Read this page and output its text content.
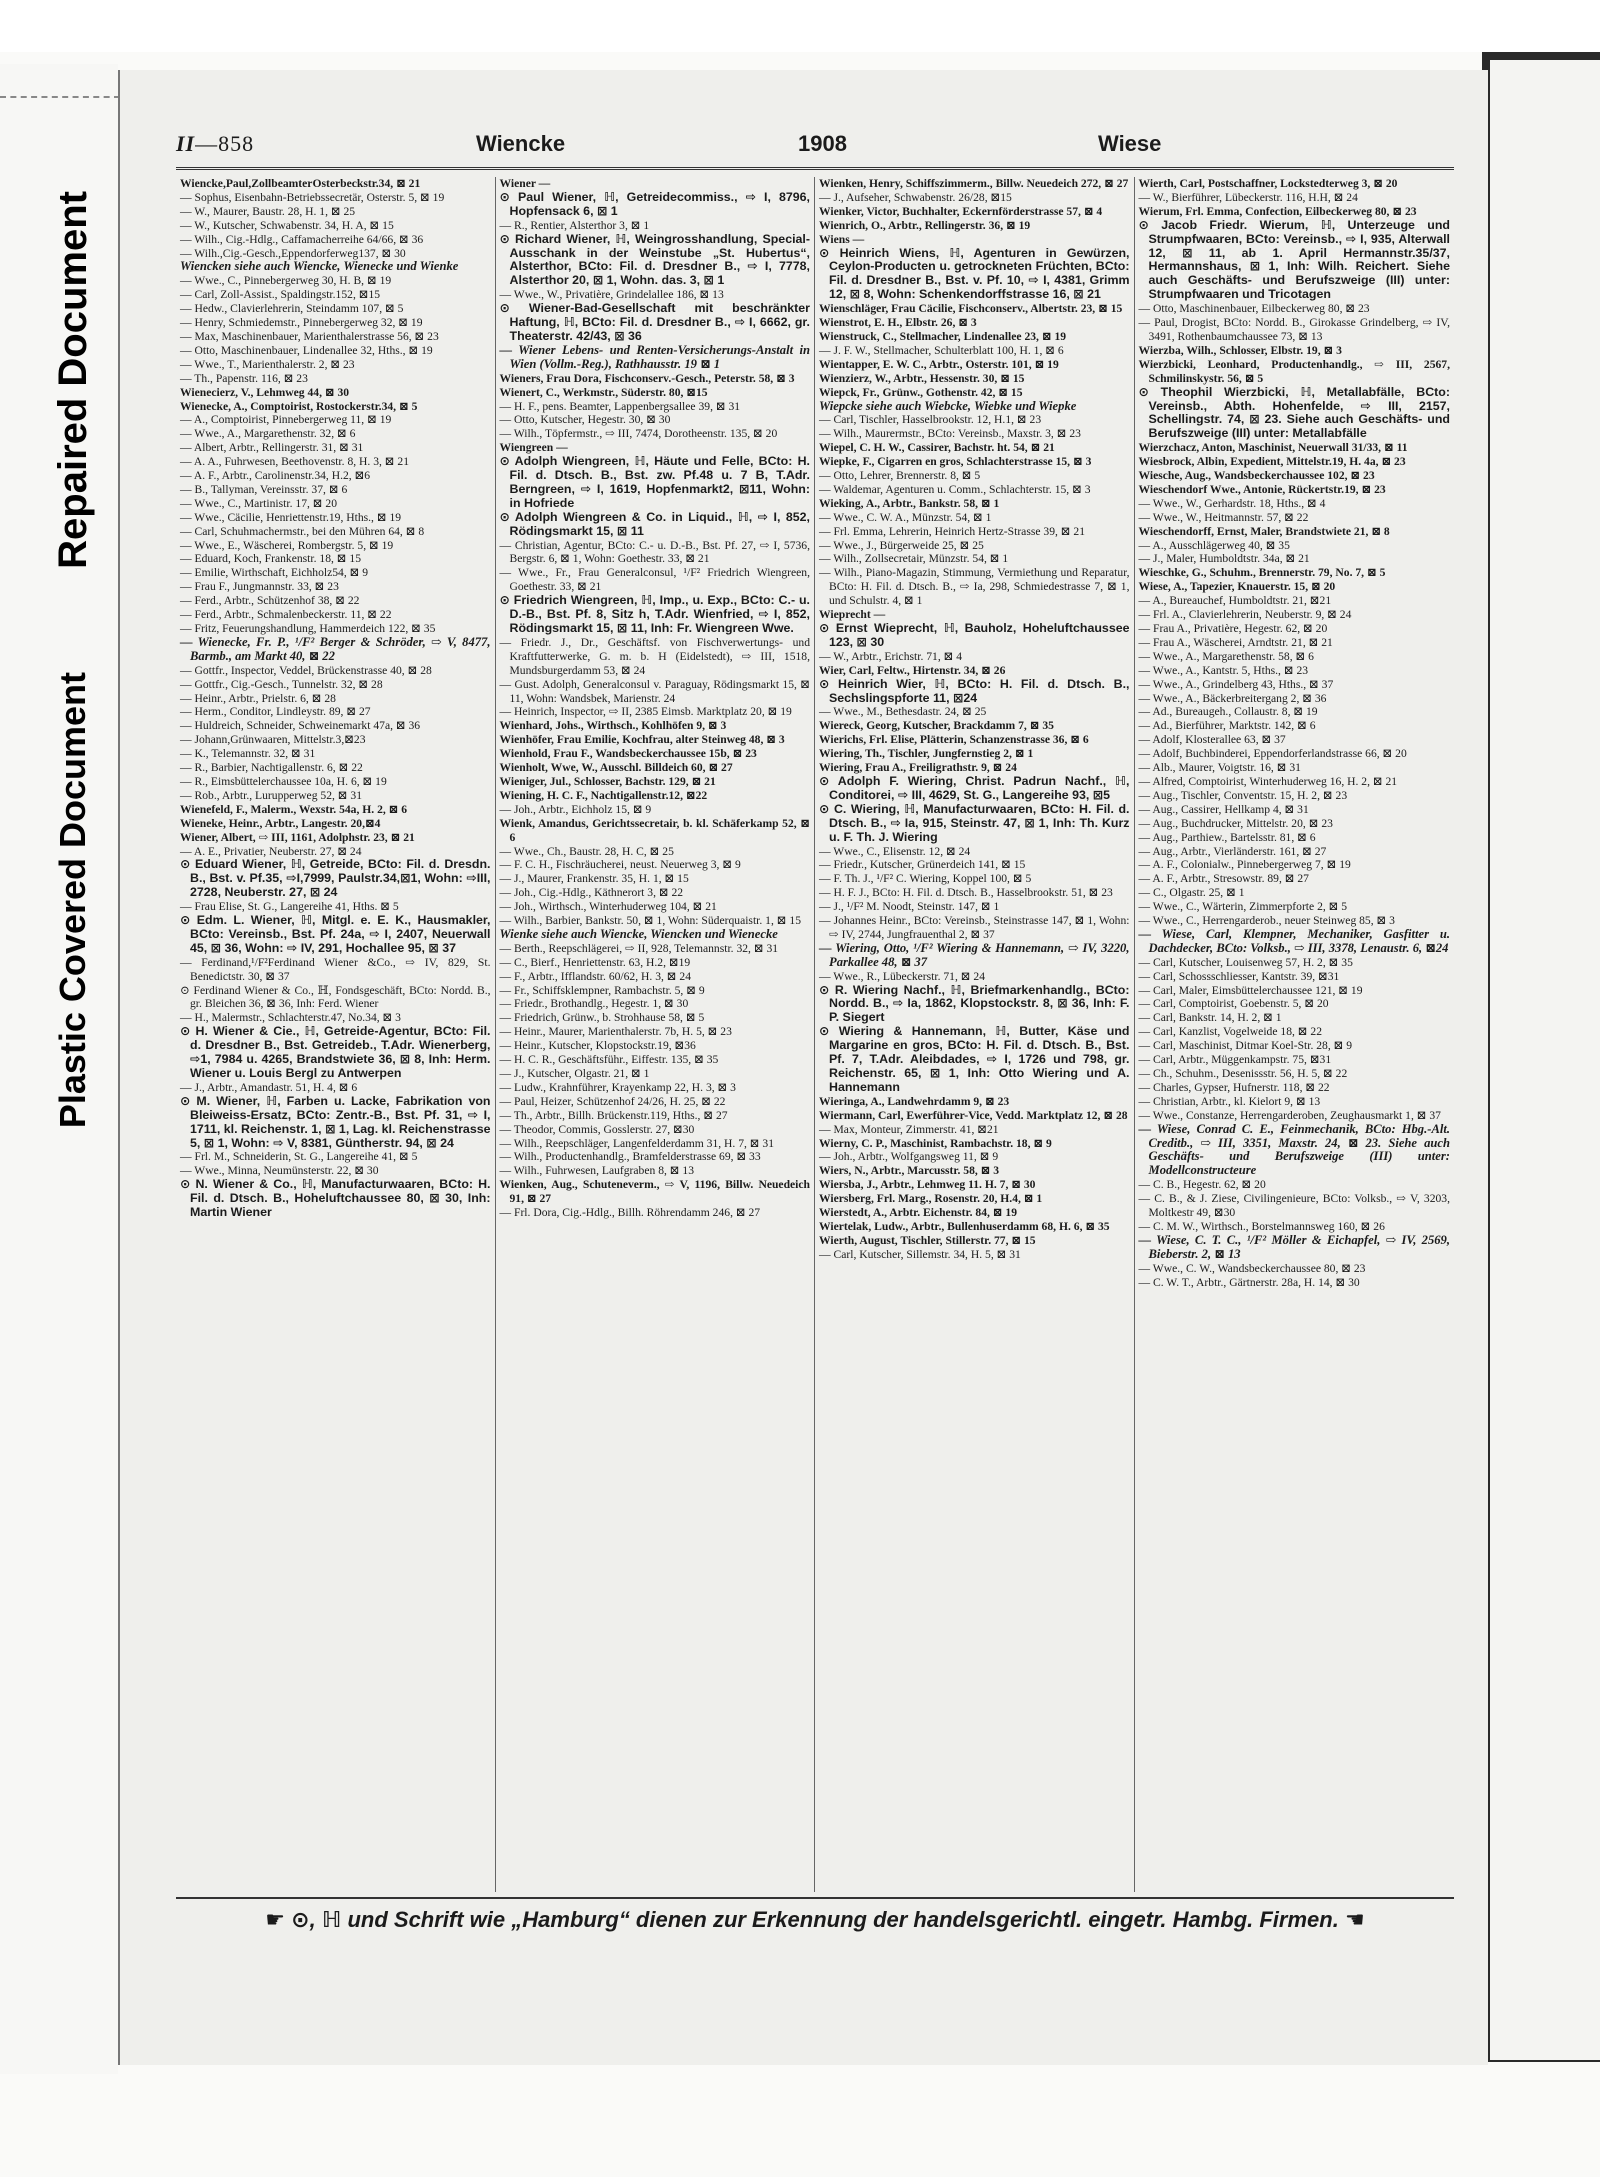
Repaired Document
Plastic Covered Document
II—858	Wiencke	1908	Wiese

Wiencke,Paul,ZollbeamterOsterbeckstr.34, ⊠ 21

— Sophus, Eisenbahn-Betriebssecretär, Osterstr. 5, ⊠ 19

— W., Maurer, Baustr. 28, H. 1, ⊠ 25

— W., Kutscher, Schwabenstr. 34, H. A, ⊠ 15

— Wilh., Cig.-Hdlg., Caffamacherreihe 64/66, ⊠ 36

— Wilh.,Cig.-Gesch.,Eppendorferweg137, ⊠ 30

Wiencken siehe auch Wiencke, Wienecke und Wienke

— Wwe., C., Pinnebergerweg 30, H. B, ⊠ 19

— Carl, Zoll-Assist., Spaldingstr.152, ⊠15

— Hedw., Clavierlehrerin, Steindamm 107, ⊠ 5

— Henry, Schmiedemstr., Pinnebergerweg 32, ⊠ 19

— Max, Maschinenbauer, Marienthalerstrasse 56, ⊠ 23

— Otto, Maschinenbauer, Lindenallee 32, Hths., ⊠ 19

— Wwe., T., Marienthalerstr. 2, ⊠ 23

— Th., Papenstr. 116, ⊠ 23

Wienecierz, V., Lehmweg 44, ⊠ 30

Wienecke, A., Comptoirist, Rostockerstr.34, ⊠ 5

— A., Comptoirist, Pinnebergerweg 11, ⊠ 19

— Wwe., A., Margarethenstr. 32, ⊠ 6

— Albert, Arbtr., Rellingerstr. 31, ⊠ 31

— A. A., Fuhrwesen, Beethovenstr. 8, H. 3, ⊠ 21

— A. F., Arbtr., Carolinenstr.34, H.2, ⊠6

— B., Tallyman, Vereinsstr. 37, ⊠ 6

— Wwe., C., Martinistr. 17, ⊠ 20

— Wwe., Cäcilie, Henriettenstr.19, Hths., ⊠ 19

— Carl, Schuhmachermstr., bei den Mühren 64, ⊠ 8

— Wwe., E., Wäscherei, Rombergstr. 5, ⊠ 19

— Eduard, Koch, Frankenstr. 18, ⊠ 15

— Emilie, Wirthschaft, Eichholz54, ⊠ 9

— Frau F., Jungmannstr. 33, ⊠ 23

— Ferd., Arbtr., Schützenhof 38, ⊠ 22

— Ferd., Arbtr., Schmalenbeckerstr. 11, ⊠ 22

— Fritz, Feuerungshandlung, Hammerdeich 122, ⊠ 35

— Wienecke, Fr. P., ¹/F² Berger & Schröder, ⇨ V, 8477, Barmb., am Markt 40, ⊠ 22

— Gottfr., Inspector, Veddel, Brückenstrasse 40, ⊠ 28

— Gottfr., Cig.-Gesch., Tunnelstr. 32, ⊠ 28

— Heinr., Arbtr., Prielstr. 6, ⊠ 28

— Herm., Conditor, Lindleystr. 89, ⊠ 27

— Huldreich, Schneider, Schweinemarkt 47a, ⊠ 36

— Johann,Grünwaaren, Mittelstr.3,⊠23

— K., Telemannstr. 32, ⊠ 31

— R., Barbier, Nachtigallenstr. 6, ⊠ 22

— R., Eimsbüttelerchaussee 10a, H. 6, ⊠ 19

— Rob., Arbtr., Lurupperweg 52, ⊠ 31

Wienefeld, F., Malerm., Wexstr. 54a, H. 2, ⊠ 6

Wieneke, Heinr., Arbtr., Langestr. 20,⊠4

Wiener, Albert, ⇨ III, 1161, Adolphstr. 23, ⊠ 21

— A. E., Privatier, Neuberstr. 27, ⊠ 24

⊙ Eduard Wiener, ℍ, Getreide, BCto: Fil. d. Dresdn. B., Bst. v. Pf.35, ⇨I,7999, Paulstr.34,⊠1, Wohn: ⇨III, 2728, Neuberstr. 27, ⊠ 24

— Frau Elise, St. G., Langereihe 41, Hths. ⊠ 5

⊙ Edm. L. Wiener, ℍ, Mitgl. e. E. K., Hausmakler, BCto: Vereinsb., Bst. Pf. 24a, ⇨ I, 2407, Neuerwall 45, ⊠ 36, Wohn: ⇨ IV, 291, Hochallee 95, ⊠ 37

— Ferdinand,¹/F²Ferdinand Wiener &Co., ⇨ IV, 829, St. Benedictstr. 30, ⊠ 37

⊙ Ferdinand Wiener & Co., ℍ, Fondsgeschäft, BCto: Nordd. B., gr. Bleichen 36, ⊠ 36, Inh: Ferd. Wiener

— H., Malermstr., Schlachterstr.47, No.34, ⊠ 3

⊙ H. Wiener & Cie., ℍ, Getreide-Agentur, BCto: Fil. d. Dresdner B., Bst. Getreideb., T.Adr. Wienerberg, ⇨1, 7984 u. 4265, Brandstwiete 36, ⊠ 8, Inh: Herm. Wiener u. Louis Bergl zu Antwerpen

— J., Arbtr., Amandastr. 51, H. 4, ⊠ 6

⊙ M. Wiener, ℍ, Farben u. Lacke, Fabrikation von Bleiweiss-Ersatz, BCto: Zentr.-B., Bst. Pf. 31, ⇨ I, 1711, kl. Reichenstr. 1, ⊠ 1, Lag. kl. Reichenstrasse 5, ⊠ 1, Wohn: ⇨ V, 8381, Güntherstr. 94, ⊠ 24

— Frl. M., Schneiderin, St. G., Langereihe 41, ⊠ 5

— Wwe., Minna, Neumünsterstr. 22, ⊠ 30

⊙ N. Wiener & Co., ℍ, Manufacturwaaren, BCto: H. Fil. d. Dtsch. B., Hoheluftchaussee 80, ⊠ 30, Inh: Martin Wiener

Wiener —

⊙ Paul Wiener, ℍ, Getreidecommiss., ⇨ I, 8796, Hopfensack 6, ⊠ 1

— R., Rentier, Alsterthor 3, ⊠ 1

⊙ Richard Wiener, ℍ, Weingrosshandlung, Special-Ausschank in der Weinstube „St. Hubertus“, Alsterthor, BCto: Fil. d. Dresdner B., ⇨ I, 7778, Alsterthor 20, ⊠ 1, Wohn. das. 3, ⊠ 1

— Wwe., W., Privatière, Grindelallee 186, ⊠ 13

⊙ Wiener-Bad-Gesellschaft mit beschränkter Haftung, ℍ, BCto: Fil. d. Dresdner B., ⇨ I, 6662, gr. Theaterstr. 42/43, ⊠ 36

— Wiener Lebens- und Renten-Versicherungs-Anstalt in Wien (Vollm.-Reg.), Rathhausstr. 19 ⊠ 1

Wieners, Frau Dora, Fischconserv.-Gesch., Peterstr. 58, ⊠ 3

Wienert, C., Werkmstr., Süderstr. 80, ⊠15

— H. F., pens. Beamter, Lappenbergsallee 39, ⊠ 31

— Otto, Kutscher, Hegestr. 30, ⊠ 30

— Wilh., Töpfermstr., ⇨ III, 7474, Dorotheenstr. 135, ⊠ 20

Wiengreen —

⊙ Adolph Wiengreen, ℍ, Häute und Felle, BCto: H. Fil. d. Dtsch. B., Bst. zw. Pf.48 u. 7 B, T.Adr. Berngreen, ⇨ I, 1619, Hopfenmarkt2, ⊠11, Wohn: in Hofriede

⊙ Adolph Wiengreen & Co. in Liquid., ℍ, ⇨ I, 852, Rödingsmarkt 15, ⊠ 11

— Christian, Agentur, BCto: C.- u. D.-B., Bst. Pf. 27, ⇨ I, 5736, Bergstr. 6, ⊠ 1, Wohn: Goethestr. 33, ⊠ 21

— Wwe., Fr., Frau Generalconsul, ¹/F² Friedrich Wiengreen, Goethestr. 33, ⊠ 21

⊙ Friedrich Wiengreen, ℍ, Imp., u. Exp., BCto: C.- u. D.-B., Bst. Pf. 8, Sitz h, T.Adr. Wienfried, ⇨ I, 852, Rödingsmarkt 15, ⊠ 11, Inh: Fr. Wiengreen Wwe.

— Friedr. J., Dr., Geschäftsf. von Fischverwertungs- und Kraftfutterwerke, G. m. b. H (Eidelstedt), ⇨ III, 1518, Mundsburgerdamm 53, ⊠ 24

— Gust. Adolph, Generalconsul v. Paraguay, Rödingsmarkt 15, ⊠ 11, Wohn: Wandsbek, Marienstr. 24

— Heinrich, Inspector, ⇨ II, 2385 Eimsb. Marktplatz 20, ⊠ 19

Wienhard, Johs., Wirthsch., Kohlhöfen 9, ⊠ 3

Wienhöfer, Frau Emilie, Kochfrau, alter Steinweg 48, ⊠ 3

Wienhold, Frau F., Wandsbeckerchaussee 15b, ⊠ 23

Wienholt, Wwe, W., Ausschl. Billdeich 60, ⊠ 27

Wieniger, Jul., Schlosser, Bachstr. 129, ⊠ 21

Wiening, H. C. F., Nachtigallenstr.12, ⊠22

— Joh., Arbtr., Eichholz 15, ⊠ 9

Wienk, Amandus, Gerichtssecretair, b. kl. Schäferkamp 52, ⊠ 6

— Wwe., Ch., Baustr. 28, H. C, ⊠ 25

— F. C. H., Fischräucherei, neust. Neuerweg 3, ⊠ 9

— J., Maurer, Frankenstr. 35, H. 1, ⊠ 15

— Joh., Cig.-Hdlg., Käthnerort 3, ⊠ 22

— Joh., Wirthsch., Winterhuderweg 104, ⊠ 21

— Wilh., Barbier, Bankstr. 50, ⊠ 1, Wohn: Süderquaistr. 1, ⊠ 15

Wienke siehe auch Wiencke, Wiencken und Wienecke

— Berth., Reepschlägerei, ⇨ II, 928, Telemannstr. 32, ⊠ 31

— C., Bierf., Henriettenstr. 63, H.2, ⊠19

— F., Arbtr., Ifflandstr. 60/62, H. 3, ⊠ 24

— Fr., Schiffsklempner, Rambachstr. 5, ⊠ 9

— Friedr., Brothandlg., Hegestr. 1, ⊠ 30

— Friedrich, Grünw., b. Strohhause 58, ⊠ 5

— Heinr., Maurer, Marienthalerstr. 7b, H. 5, ⊠ 23

— Heinr., Kutscher, Klopstockstr.19, ⊠36

— H. C. R., Geschäftsführ., Eiffestr. 135, ⊠ 35

— J., Kutscher, Olgastr. 21, ⊠ 1

— Ludw., Krahnführer, Krayenkamp 22, H. 3, ⊠ 3

— Paul, Heizer, Schützenhof 24/26, H. 25, ⊠ 22

— Th., Arbtr., Billh. Brückenstr.119, Hths., ⊠ 27

— Theodor, Commis, Gosslerstr. 27, ⊠30

— Wilh., Reepschläger, Langenfelderdamm 31, H. 7, ⊠ 31

— Wilh., Productenhandlg., Bramfelderstrasse 69, ⊠ 33

— Wilh., Fuhrwesen, Laufgraben 8, ⊠ 13

Wienken, Aug., Schuteneverm., ⇨ V, 1196, Billw. Neuedeich 91, ⊠ 27

— Frl. Dora, Cig.-Hdlg., Billh. Röhrendamm 246, ⊠ 27

Wienken, Henry, Schiffszimmerm., Billw. Neuedeich 272, ⊠ 27

— J., Aufseher, Schwabenstr. 26/28, ⊠15

Wienker, Victor, Buchhalter, Eckernförderstrasse 57, ⊠ 4

Wienrich, O., Arbtr., Rellingerstr. 36, ⊠ 19

Wiens —

⊙ Heinrich Wiens, ℍ, Agenturen in Gewürzen, Ceylon-Producten u. getrockneten Früchten, BCto: Fil. d. Dresdner B., Bst. v. Pf. 10, ⇨ I, 4381, Grimm 12, ⊠ 8, Wohn: Schenkendorffstrasse 16, ⊠ 21

Wienschläger, Frau Cäcilie, Fischconserv., Albertstr. 23, ⊠ 15

Wienstrot, E. H., Elbstr. 26, ⊠ 3

Wienstruck, C., Stellmacher, Lindenallee 23, ⊠ 19

— J. F. W., Stellmacher, Schulterblatt 100, H. 1, ⊠ 6

Wientapper, E. W. C., Arbtr., Osterstr. 101, ⊠ 19

Wienzierz, W., Arbtr., Hessenstr. 30, ⊠ 15

Wiepck, Fr., Grünw., Gothenstr. 42, ⊠ 15

Wiepcke siehe auch Wiebcke, Wiebke und Wiepke

— Carl, Tischler, Hasselbrookstr. 12, H.1, ⊠ 23

— Wilh., Maurermstr., BCto: Vereinsb., Maxstr. 3, ⊠ 23

Wiepel, C. H. W., Cassirer, Bachstr. ht. 54, ⊠ 21

Wiepke, F., Cigarren en gros, Schlachterstrasse 15, ⊠ 3

— Otto, Lehrer, Brennerstr. 8, ⊠ 5

— Waldemar, Agenturen u. Comm., Schlachterstr. 15, ⊠ 3

Wieking, A., Arbtr., Bankstr. 58, ⊠ 1

— Wwe., C. W. A., Münzstr. 54, ⊠ 1

— Frl. Emma, Lehrerin, Heinrich Hertz-Strasse 39, ⊠ 21

— Wwe., J., Bürgerweide 25, ⊠ 25

— Wilh., Zollsecretair, Münzstr. 54, ⊠ 1

— Wilh., Piano-Magazin, Stimmung, Vermiethung und Reparatur, BCto: H. Fil. d. Dtsch. B., ⇨ Ia, 298, Schmiedestrasse 7, ⊠ 1, und Schulstr. 4, ⊠ 1

Wieprecht —

⊙ Ernst Wieprecht, ℍ, Bauholz, Hoheluftchaussee 123, ⊠ 30

— W., Arbtr., Erichstr. 71, ⊠ 4

Wier, Carl, Feltw., Hirtenstr. 34, ⊠ 26

⊙ Heinrich Wier, ℍ, BCto: H. Fil. d. Dtsch. B., Sechslingspforte 11, ⊠24

— Wwe., M., Bethesdastr. 24, ⊠ 25

Wiereck, Georg, Kutscher, Brackdamm 7, ⊠ 35

Wierichs, Frl. Elise, Plätterin, Schanzenstrasse 36, ⊠ 6

Wiering, Th., Tischler, Jungfernstieg 2, ⊠ 1

Wiering, Frau A., Freiligrathstr. 9, ⊠ 24

⊙ Adolph F. Wiering, Christ. Padrun Nachf., ℍ, Conditorei, ⇨ III, 4629, St. G., Langereihe 93, ⊠5

⊙ C. Wiering, ℍ, Manufacturwaaren, BCto: H. Fil. d. Dtsch. B., ⇨ Ia, 915, Steinstr. 47, ⊠ 1, Inh: Th. Kurz u. F. Th. J. Wiering

— Wwe., C., Elisenstr. 12, ⊠ 24

— Friedr., Kutscher, Grünerdeich 141, ⊠ 15

— F. Th. J., ¹/F² C. Wiering, Koppel 100, ⊠ 5

— H. F. J., BCto: H. Fil. d. Dtsch. B., Hasselbrookstr. 51, ⊠ 23

— J., ¹/F² M. Noodt, Steinstr. 147, ⊠ 1

— Johannes Heinr., BCto: Vereinsb., Steinstrasse 147, ⊠ 1, Wohn: ⇨ IV, 2744, Jungfrauenthal 2, ⊠ 37

— Wiering, Otto, ¹/F² Wiering & Hannemann, ⇨ IV, 3220, Parkallee 48, ⊠ 37

— Wwe., R., Lübeckerstr. 71, ⊠ 24

⊙ R. Wiering Nachf., ℍ, Briefmarkenhandlg., BCto: Nordd. B., ⇨ Ia, 1862, Klopstockstr. 8, ⊠ 36, Inh: F. P. Siegert

⊙ Wiering & Hannemann, ℍ, Butter, Käse und Margarine en gros, BCto: H. Fil. d. Dtsch. B., Bst. Pf. 7, T.Adr. Aleibdades, ⇨ I, 1726 und 798, gr. Reichenstr. 65, ⊠ 1, Inh: Otto Wiering und A. Hannemann

Wieringa, A., Landwehrdamm 9, ⊠ 23

Wiermann, Carl, Ewerführer-Vice, Vedd. Marktplatz 12, ⊠ 28

— Max, Monteur, Zimmerstr. 41, ⊠21

Wierny, C. P., Maschinist, Rambachstr. 18, ⊠ 9

— Joh., Arbtr., Wolfgangsweg 11, ⊠ 9

Wiers, N., Arbtr., Marcusstr. 58, ⊠ 3

Wiersba, J., Arbtr., Lehmweg 11. H. 7, ⊠ 30

Wiersberg, Frl. Marg., Rosenstr. 20, H.4, ⊠ 1

Wierstedt, A., Arbtr. Eichenstr. 84, ⊠ 19

Wiertelak, Ludw., Arbtr., Bullenhuserdamm 68, H. 6, ⊠ 35

Wierth, August, Tischler, Stillerstr. 77, ⊠ 15

— Carl, Kutscher, Sillemstr. 34, H. 5, ⊠ 31

Wierth, Carl, Postschaffner, Lockstedterweg 3, ⊠ 20

— W., Bierführer, Lübeckerstr. 116, H.H, ⊠ 24

Wierum, Frl. Emma, Confection, Eilbeckerweg 80, ⊠ 23

⊙ Jacob Friedr. Wierum, ℍ, Unterzeuge und Strumpfwaaren, BCto: Vereinsb., ⇨ I, 935, Alterwall 12, ⊠ 11, ab 1. April Hermannstr.35/37, Hermannshaus, ⊠ 1, Inh: Wilh. Reichert. Siehe auch Geschäfts- und Berufszweige (III) unter: Strumpfwaaren und Tricotagen

— Otto, Maschinenbauer, Eilbeckerweg 80, ⊠ 23

— Paul, Drogist, BCto: Nordd. B., Girokasse Grindelberg, ⇨ IV, 3491, Rothenbaumchaussee 73, ⊠ 13

Wierzba, Wilh., Schlosser, Elbstr. 19, ⊠ 3

Wierzbicki, Leonhard, Productenhandlg., ⇨ III, 2567, Schmilinskystr. 56, ⊠ 5

⊙ Theophil Wierzbicki, ℍ, Metallabfälle, BCto: Vereinsb., Abth. Hohenfelde, ⇨ III, 2157, Schellingstr. 74, ⊠ 23. Siehe auch Geschäfts- und Berufszweige (III) unter: Metallabfälle

Wierzchacz, Anton, Maschinist, Neuerwall 31/33, ⊠ 11

Wiesbrock, Albin, Expedient, Mittelstr.19, H. 4a, ⊠ 23

Wiesche, Aug., Wandsbeckerchaussee 102, ⊠ 23

Wieschendorf Wwe., Antonie, Rückertstr.19, ⊠ 23

— Wwe., W., Gerhardstr. 18, Hths., ⊠ 4

— Wwe., W., Heitmannstr. 57, ⊠ 22

Wieschendorff, Ernst, Maler, Brandstwiete 21, ⊠ 8

— A., Ausschlägerweg 40, ⊠ 35

— J., Maler, Humboldtstr. 34a, ⊠ 21

Wieschke, G., Schuhm., Brennerstr. 79, No. 7, ⊠ 5

Wiese, A., Tapezier, Knauerstr. 15, ⊠ 20

— A., Bureauchef, Humboldtstr. 21, ⊠21

— Frl. A., Clavierlehrerin, Neuberstr. 9, ⊠ 24

— Frau A., Privatière, Hegestr. 62, ⊠ 20

— Frau A., Wäscherei, Arndtstr. 21, ⊠ 21

— Wwe., A., Margarethenstr. 58, ⊠ 6

— Wwe., A., Kantstr. 5, Hths., ⊠ 23

— Wwe., A., Grindelberg 43, Hths., ⊠ 37

— Wwe., A., Bäckerbreitergang 2, ⊠ 36

— Ad., Bureaugeh., Collaustr. 8, ⊠ 19

— Ad., Bierführer, Marktstr. 142, ⊠ 6

— Adolf, Klosterallee 63, ⊠ 37

— Adolf, Buchbinderei, Eppendorferlandstrasse 66, ⊠ 20

— Alb., Maurer, Voigtstr. 16, ⊠ 31

— Alfred, Comptoirist, Winterhuderweg 16, H. 2, ⊠ 21

— Aug., Tischler, Conventstr. 15, H. 2, ⊠ 23

— Aug., Cassirer, Hellkamp 4, ⊠ 31

— Aug., Buchdrucker, Mittelstr. 20, ⊠ 23

— Aug., Parthiew., Bartelsstr. 81, ⊠ 6

— Aug., Arbtr., Vierländerstr. 161, ⊠ 27

— A. F., Colonialw., Pinnebergerweg 7, ⊠ 19

— A. F., Arbtr., Stresowstr. 89, ⊠ 27

— C., Olgastr. 25, ⊠ 1

— Wwe., C., Wärterin, Zimmerpforte 2, ⊠ 5

— Wwe., C., Herrengarderob., neuer Steinweg 85, ⊠ 3

— Wiese, Carl, Klempner, Mechaniker, Gasfitter u. Dachdecker, BCto: Volksb., ⇨ III, 3378, Lenaustr. 6, ⊠24

— Carl, Kutscher, Louisenweg 57, H. 2, ⊠ 35

— Carl, Schossschliesser, Kantstr. 39, ⊠31

— Carl, Maler, Eimsbüttelerchaussee 121, ⊠ 19

— Carl, Comptoirist, Goebenstr. 5, ⊠ 20

— Carl, Bankstr. 14, H. 2, ⊠ 1

— Carl, Kanzlist, Vogelweide 18, ⊠ 22

— Carl, Maschinist, Ditmar Koel-Str. 28, ⊠ 9

— Carl, Arbtr., Müggenkampstr. 75, ⊠31

— Ch., Schuhm., Desenissstr. 56, H. 5, ⊠ 22

— Charles, Gypser, Hufnerstr. 118, ⊠ 22

— Christian, Arbtr., kl. Kielort 9, ⊠ 13

— Wwe., Constanze, Herrengarderoben, Zeughausmarkt 1, ⊠ 37

— Wiese, Conrad C. E., Feinmechanik, BCto: Hbg.-Alt. Creditb., ⇨ III, 3351, Maxstr. 24, ⊠ 23. Siehe auch Geschäfts- und Berufszweige (III) unter: Modellconstructeure

— C. B., Hegestr. 62, ⊠ 20

— C. B., & J. Ziese, Civilingenieure, BCto: Volksb., ⇨ V, 3203, Moltkestr 49, ⊠30

— C. M. W., Wirthsch., Borstelmannsweg 160, ⊠ 26

— Wiese, C. T. C., ¹/F² Möller & Eichapfel, ⇨ IV, 2569, Bieberstr. 2, ⊠ 13

— Wwe., C. W., Wandsbeckerchaussee 80, ⊠ 23

— C. W. T., Arbtr., Gärtnerstr. 28a, H. 14, ⊠ 30

☛ ⊙, ℍ und Schrift wie „Hamburg“ dienen zur Erkennung der handelsgerichtl. eingetr. Hambg. Firmen. ☚
